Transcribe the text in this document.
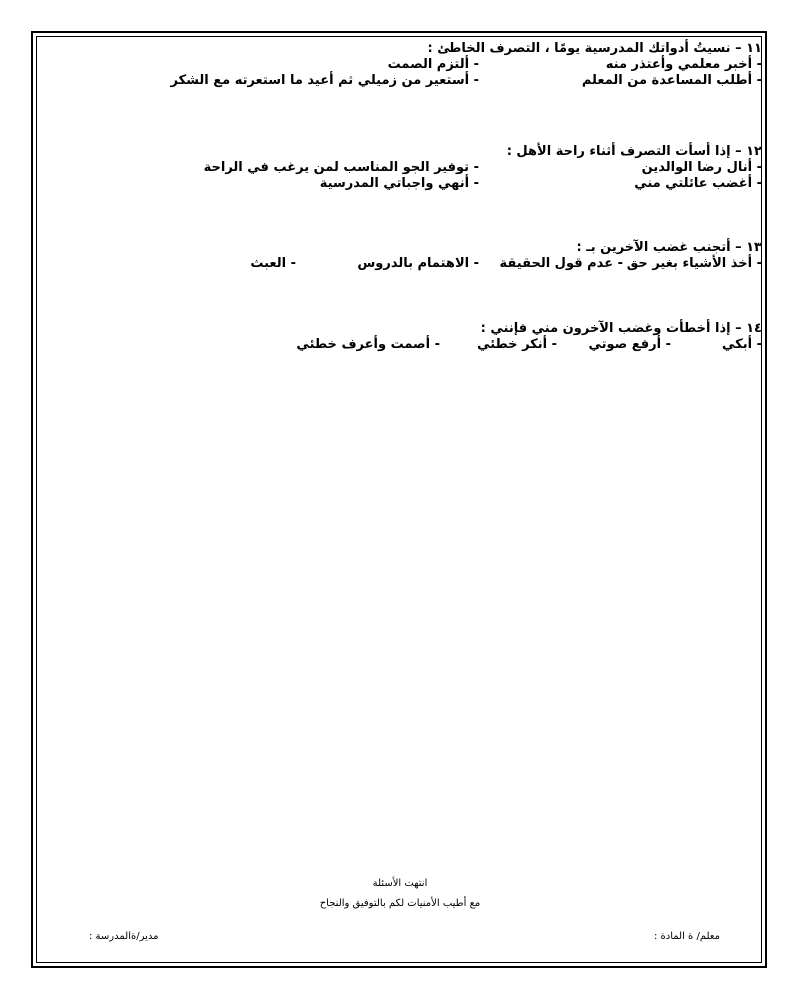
١١ – نسيتُ أدواتك المدرسية يومًا ، التصرف الخاطئ :
- أخبر معلمي وأعتذر منه
- ألتزم الصمت
- أطلب المساعدة من المعلم
- أستعير من زميلي ثم أعيد ما استعرته مع الشكر
١٢ – إذا أسأت التصرف أثناء راحة الأهل :
- أنال رضا الوالدين
- توفير الجو المناسب لمن يرغب في الراحة
- أغضب عائلتي مني
- أنهي واجباتي المدرسية
١٣ – أتجنب غضب الآخرين بـ :
- أخذ الأشياء بغير حق
- عدم قول الحقيقة
- الاهتمام بالدروس
- العبث
١٤ – إذا أخطأت وغضب الآخرون مني فإنني :
- أبكي
- أرفع صوتي
- أنكر خطئي
- أصمت وأعرف خطئي
انتهت الأسئلة
مع أطيب الأمنيات لكم بالتوفيق والنجاح
معلم/ ة المادة :
مدير/ةالمدرسة :
